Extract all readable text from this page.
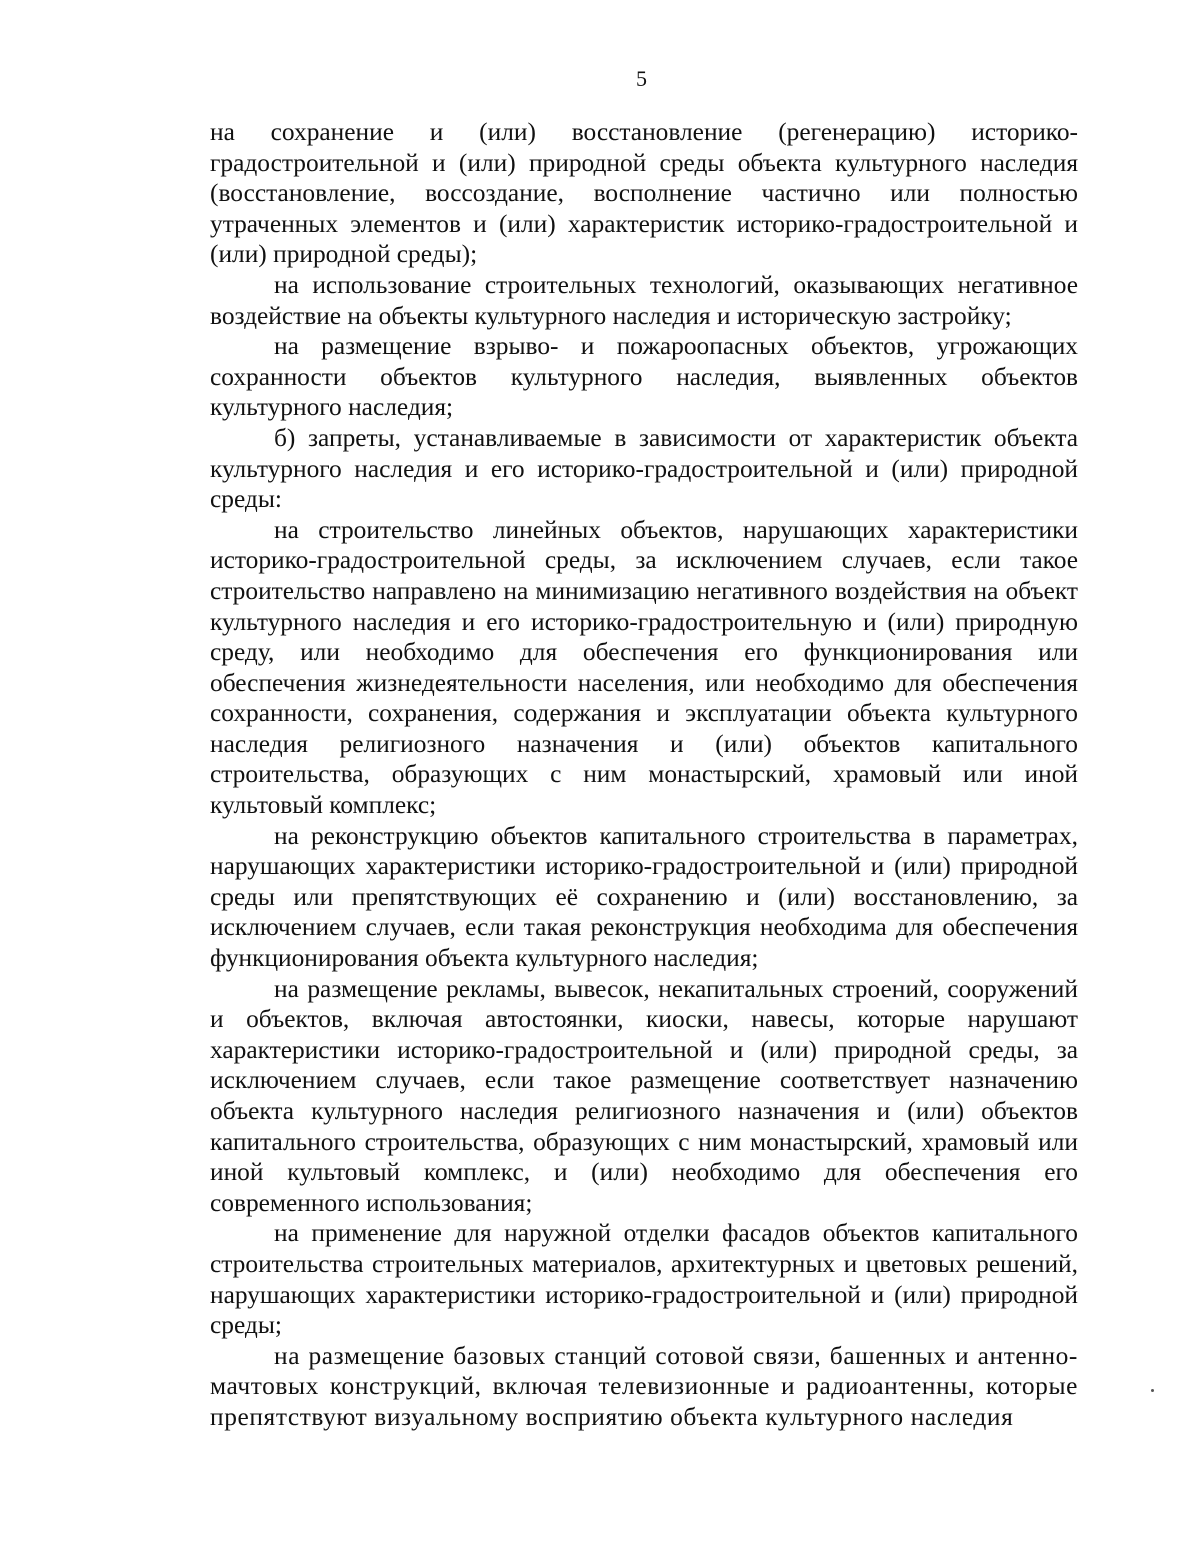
5

на сохранение и (или) восстановление (регенерацию) историко-градостроительной и (или) природной среды объекта культурного наследия (восстановление, воссоздание, восполнение частично или полностью утраченных элементов и (или) характеристик историко-градостроительной и (или) природной среды);

на использование строительных технологий, оказывающих негативное воздействие на объекты культурного наследия и историческую застройку;

на размещение взрыво- и пожароопасных объектов, угрожающих сохранности объектов культурного наследия, выявленных объектов культурного наследия;

б) запреты, устанавливаемые в зависимости от характеристик объекта культурного наследия и его историко-градостроительной и (или) природной среды:

на строительство линейных объектов, нарушающих характеристики историко-градостроительной среды, за исключением случаев, если такое строительство направлено на минимизацию негативного воздействия на объект культурного наследия и его историко-градостроительную и (или) природную среду, или необходимо для обеспечения его функционирования или обеспечения жизнедеятельности населения, или необходимо для обеспечения сохранности, сохранения, содержания и эксплуатации объекта культурного наследия религиозного назначения и (или) объектов капитального строительства, образующих с ним монастырский, храмовый или иной культовый комплекс;

на реконструкцию объектов капитального строительства в параметрах, нарушающих характеристики историко-градостроительной и (или) природной среды или препятствующих её сохранению и (или) восстановлению, за исключением случаев, если такая реконструкция необходима для обеспечения функционирования объекта культурного наследия;

на размещение рекламы, вывесок, некапитальных строений, сооружений и объектов, включая автостоянки, киоски, навесы, которые нарушают характеристики историко-градостроительной и (или) природной среды, за исключением случаев, если такое размещение соответствует назначению объекта культурного наследия религиозного назначения и (или) объектов капитального строительства, образующих с ним монастырский, храмовый или иной культовый комплекс, и (или) необходимо для обеспечения его современного использования;

на применение для наружной отделки фасадов объектов капитального строительства строительных материалов, архитектурных и цветовых решений, нарушающих характеристики историко-градостроительной и (или) природной среды;

на размещение базовых станций сотовой связи, башенных и антенно-мачтовых конструкций, включая телевизионные и радиоантенны, которые препятствуют визуальному восприятию объекта культурного наследия
